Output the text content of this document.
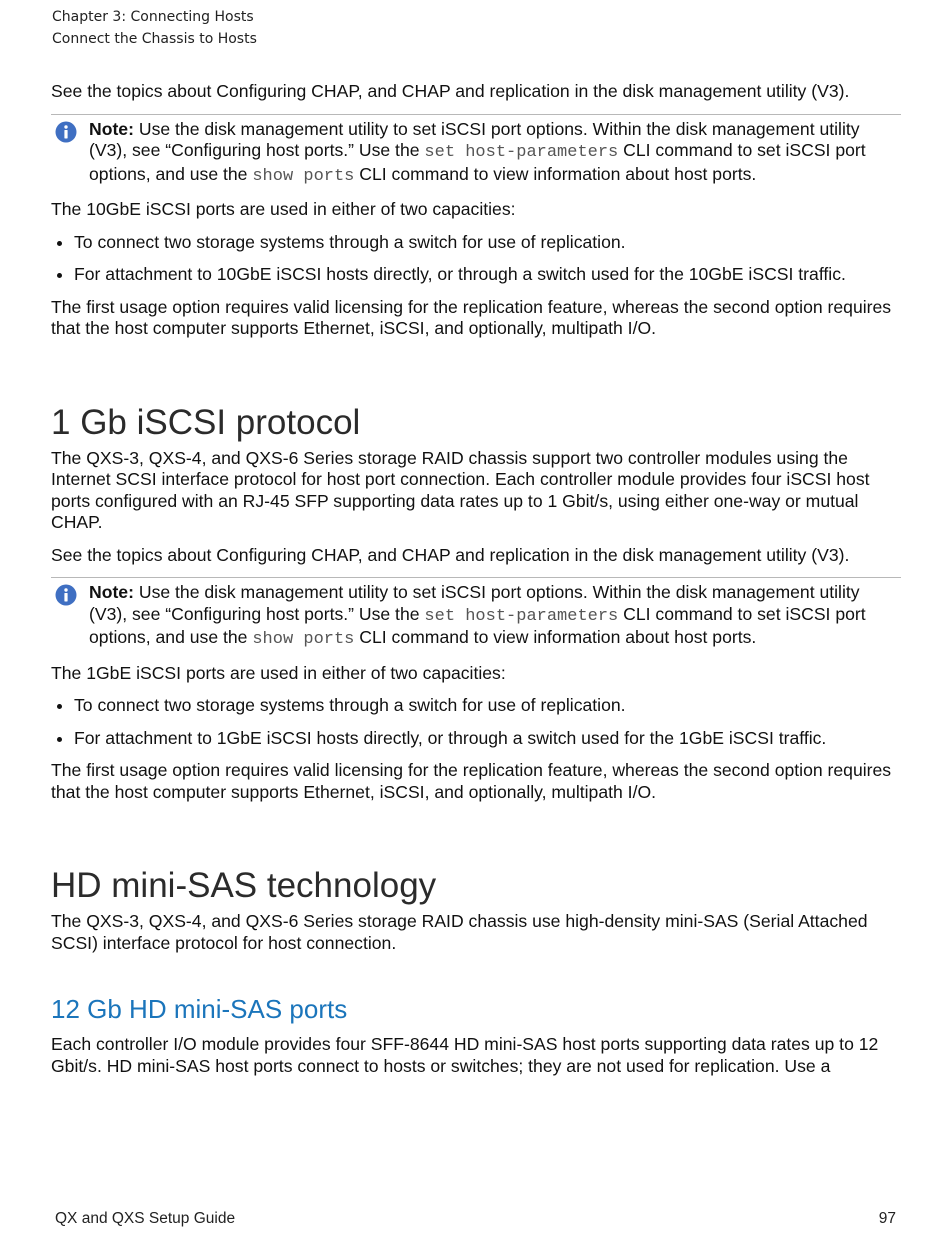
Chapter 3: Connecting Hosts
Connect the Chassis to Hosts

See the topics about Configuring CHAP, and CHAP and replication in the disk management utility (V3).

Note: Use the disk management utility to set iSCSI port options. Within the disk management utility (V3), see “Configuring host ports.” Use the set host-parameters CLI command to set iSCSI port options, and use the show ports CLI command to view information about host ports.

The 10GbE iSCSI ports are used in either of two capacities:

To connect two storage systems through a switch for use of replication.
For attachment to 10GbE iSCSI hosts directly, or through a switch used for the 10GbE iSCSI traffic.

The first usage option requires valid licensing for the replication feature, whereas the second option requires that the host computer supports Ethernet, iSCSI, and optionally, multipath I/O.

1 Gb iSCSI protocol

The QXS-3, QXS-4, and QXS-6 Series storage RAID chassis support two controller modules using the Internet SCSI interface protocol for host port connection. Each controller module provides four iSCSI host ports configured with an RJ-45 SFP supporting data rates up to 1 Gbit/s, using either one-way or mutual CHAP.

See the topics about Configuring CHAP, and CHAP and replication in the disk management utility (V3).

Note: Use the disk management utility to set iSCSI port options. Within the disk management utility (V3), see “Configuring host ports.” Use the set host-parameters CLI command to set iSCSI port options, and use the show ports CLI command to view information about host ports.

The 1GbE iSCSI ports are used in either of two capacities:

To connect two storage systems through a switch for use of replication.
For attachment to 1GbE iSCSI hosts directly, or through a switch used for the 1GbE iSCSI traffic.

The first usage option requires valid licensing for the replication feature, whereas the second option requires that the host computer supports Ethernet, iSCSI, and optionally, multipath I/O.

HD mini-SAS technology

The QXS-3, QXS-4, and QXS-6 Series storage RAID chassis use high-density mini-SAS (Serial Attached SCSI) interface protocol for host connection.

12 Gb HD mini-SAS ports

Each controller I/O module provides four SFF-8644 HD mini-SAS host ports supporting data rates up to 12 Gbit/s. HD mini-SAS host ports connect to hosts or switches; they are not used for replication. Use a

QX and QXS Setup Guide	97
